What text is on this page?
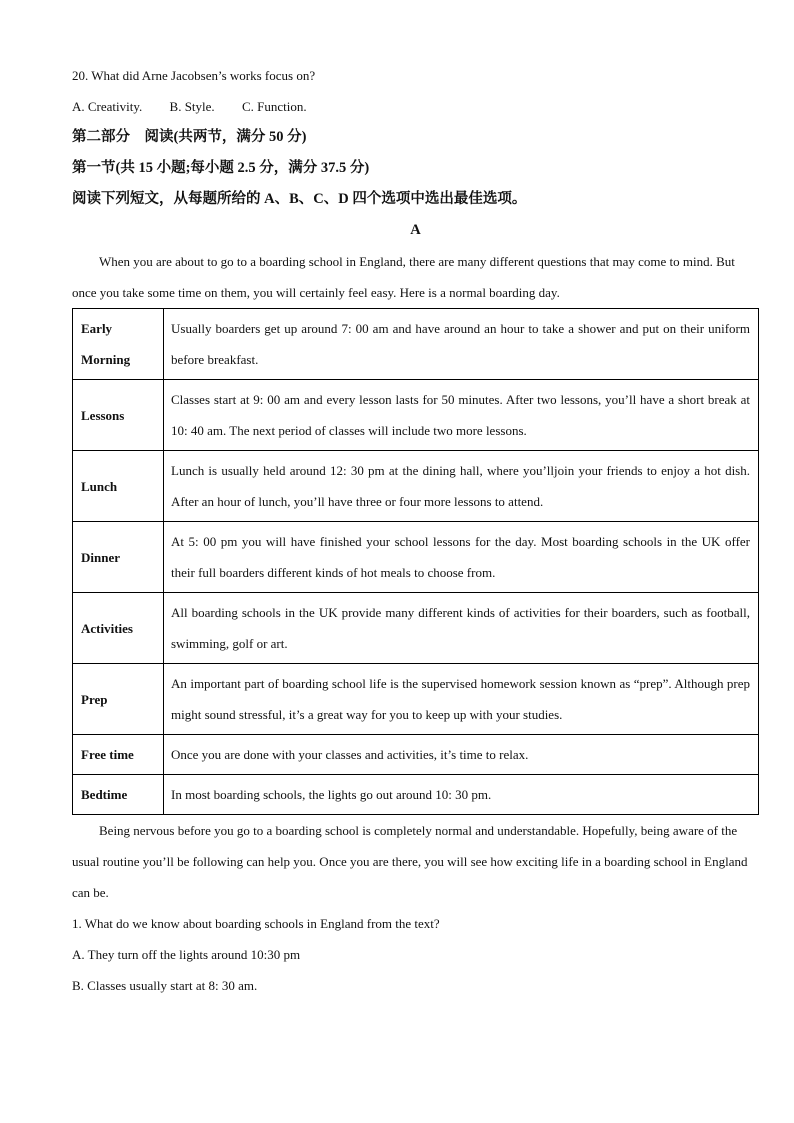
20. What did Arne Jacobsen’s works focus on?
A. Creativity. B. Style. C. Function.
第二部分　阅读(共两节，满分 50 分)
第一节(共 15 小题;每小题 2.5 分，满分 37.5 分)
阅读下列短文，从每题所给的 A、B、C、D 四个选项中选出最佳选项。
A

When you are about to go to a boarding school in England, there are many different questions that may come to mind. But once you take some time on them, you will certainly feel easy. Here is a normal boarding day.

Early Morning	Usually boarders get up around 7: 00 am and have around an hour to take a shower and put on their uniform before breakfast.
Lessons	Classes start at 9: 00 am and every lesson lasts for 50 minutes. After two lessons, you’ll have a short break at 10: 40 am. The next period of classes will include two more lessons.
Lunch	Lunch is usually held around 12: 30 pm at the dining hall, where you’lljoin your friends to enjoy a hot dish. After an hour of lunch, you’ll have three or four more lessons to attend.
Dinner	At 5: 00 pm you will have finished your school lessons for the day. Most boarding schools in the UK offer their full boarders different kinds of hot meals to choose from.
Activities	All boarding schools in the UK provide many different kinds of activities for their boarders, such as football, swimming, golf or art.
Prep	An important part of boarding school life is the supervised homework session known as “prep”. Although prep might sound stressful, it’s a great way for you to keep up with your studies.
Free time	Once you are done with your classes and activities, it’s time to relax.
Bedtime	In most boarding schools, the lights go out around 10: 30 pm.

Being nervous before you go to a boarding school is completely normal and understandable. Hopefully, being aware of the usual routine you’ll be following can help you. Once you are there, you will see how exciting life in a boarding school in England can be.

1. What do we know about boarding schools in England from the text?
A. They turn off the lights around 10:30 pm
B. Classes usually start at 8: 30 am.
